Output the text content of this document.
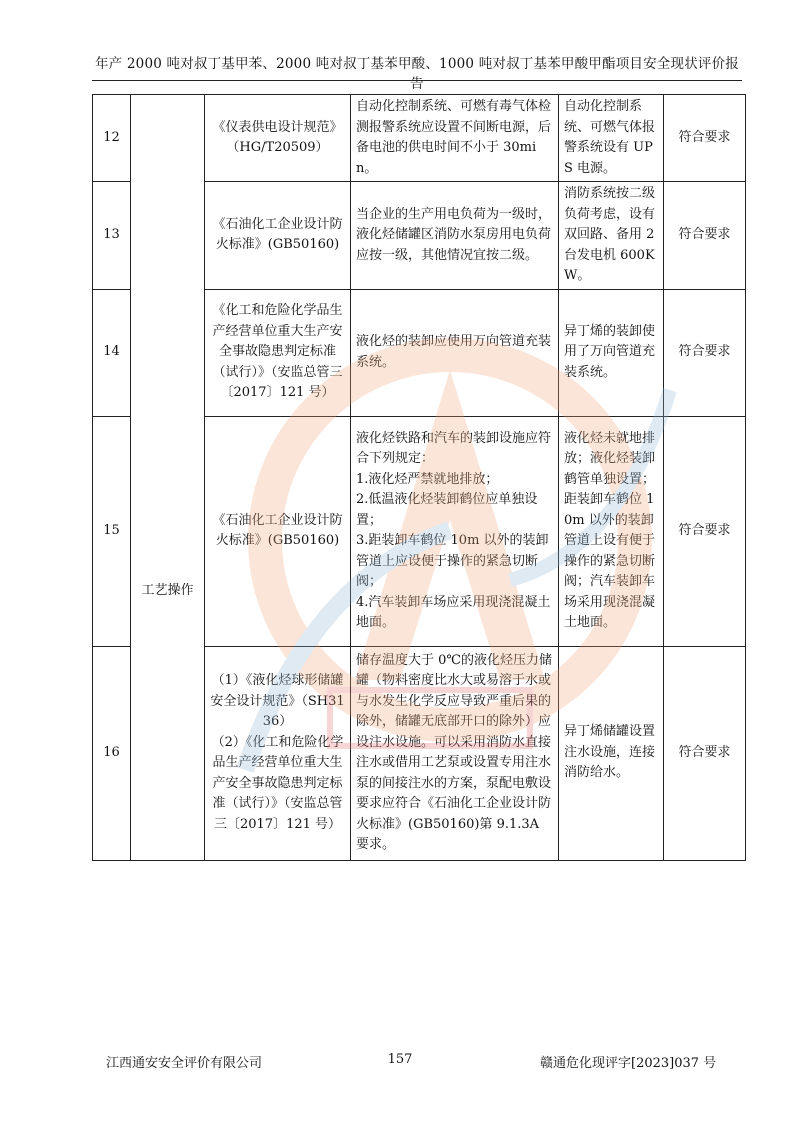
年产 2000 吨对叔丁基甲苯、2000 吨对叔丁基苯甲酸、1000 吨对叔丁基苯甲酸甲酯项目安全现状评价报告
12	工艺操作	《仪表供电设计规范》（HG/T20509）	自动化控制系统、可燃有毒气体检测报警系统应设置不间断电源，后备电池的供电时间不小于 30min。	自动化控制系统、可燃气体报警系统设有 UPS 电源。	符合要求
13		《石油化工企业设计防火标准》(GB50160)	当企业的生产用电负荷为一级时，液化烃储罐区消防水泵房用电负荷应按一级，其他情况宜按二级。	消防系统按二级负荷考虑，设有双回路、备用 2 台发电机 600KW。	符合要求
14		《化工和危险化学品生产经营单位重大生产安全事故隐患判定标准（试行）》（安监总管三〔2017〕121 号）	液化烃的装卸应使用万向管道充装系统。	异丁烯的装卸使用了万向管道充装系统。	符合要求
15		《石油化工企业设计防火标准》(GB50160)	液化烃铁路和汽车的装卸设施应符合下列规定：
1.液化烃严禁就地排放；
2.低温液化烃装卸鹤位应单独设置；
3.距装卸车鹤位 10m 以外的装卸管道上应设便于操作的紧急切断阀；
4.汽车装卸车场应采用现浇混凝土地面。	液化烃未就地排放；液化烃装卸鹤管单独设置；距装卸车鹤位 10m 以外的装卸管道上设有便于操作的紧急切断阀；汽车装卸车场采用现浇混凝土地面。	符合要求
16		（1）《液化烃球形储罐安全设计规范》（SH3136）
（2）《化工和危险化学品生产经营单位重大生产安全事故隐患判定标准（试行）》（安监总管三〔2017〕121 号）	储存温度大于 0℃的液化烃压力储罐（物料密度比水大或易溶于水或与水发生化学反应导致严重后果的除外，储罐无底部开口的除外）应设注水设施。可以采用消防水直接注水或借用工艺泵或设置专用注水泵的间接注水的方案，泵配电敷设要求应符合《石油化工企业设计防火标准》(GB50160)第 9.1.3A 要求。	异丁烯储罐设置注水设施，连接消防给水。	符合要求
江西通安安全评价有限公司	157	赣通危化现评字[2023]037 号
